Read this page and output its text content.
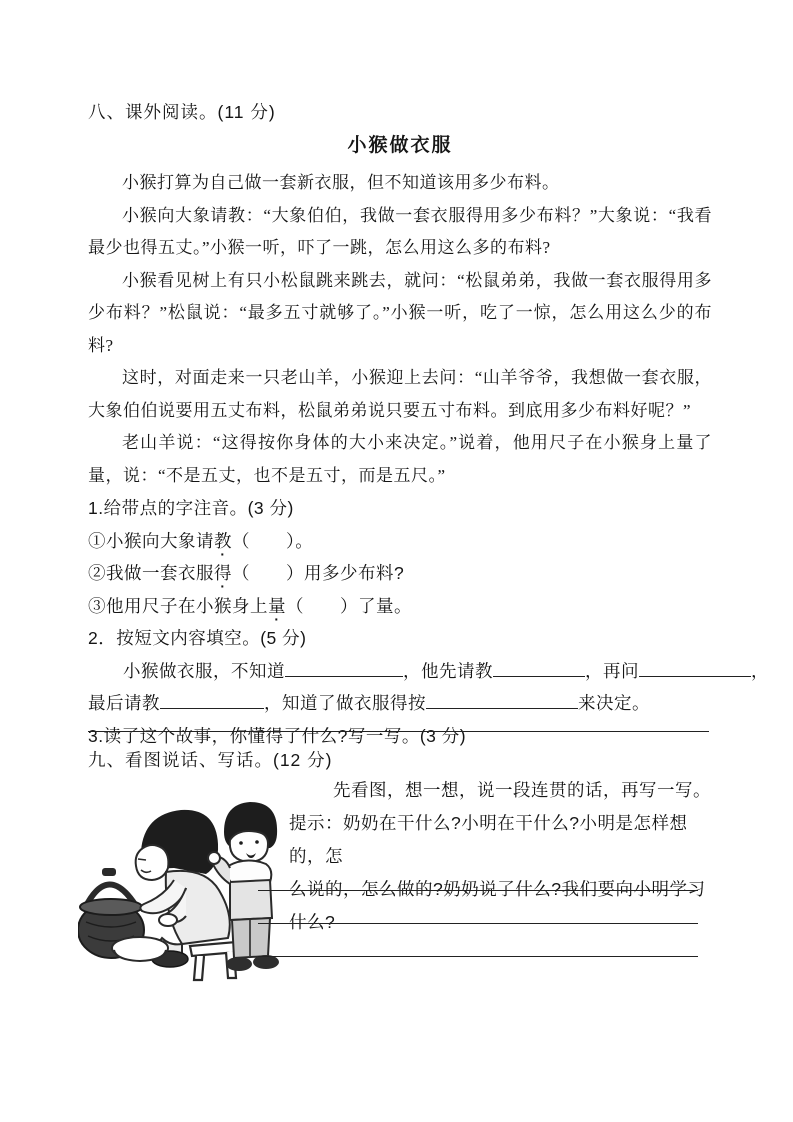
八、课外阅读。(11 分)
小猴做衣服

小猴打算为自己做一套新衣服，但不知道该用多少布料。

小猴向大象请教：“大象伯伯，我做一套衣服得用多少布料？”大象说：“我看最少也得五丈。”小猴一听，吓了一跳，怎么用这么多的布料?

小猴看见树上有只小松鼠跳来跳去，就问：“松鼠弟弟，我做一套衣服得用多少布料？”松鼠说：“最多五寸就够了。”小猴一听，吃了一惊，怎么用这么少的布料?

这时，对面走来一只老山羊，小猴迎上去问：“山羊爷爷，我想做一套衣服，大象伯伯说要用五丈布料，松鼠弟弟说只要五寸布料。到底用多少布料好呢？”

老山羊说：“这得按你身体的大小来决定。”说着，他用尺子在小猴身上量了量，说：“不是五丈，也不是五寸，而是五尺。”

1.给带点的字注音。(3 分)
①小猴向大象请教（　　）。
②我做一套衣服得（　　）用多少布料?
③他用尺子在小猴身上量（　　）了量。
2．按短文内容填空。(5 分)
小猴做衣服，不知道	，他先请教	，再问	，
最后请教	，知道了做衣服得按	来决定。
3.读了这个故事，你懂得了什么?写一写。(3 分)
九、看图说话、写话。(12 分)
先看图，想一想，说一段连贯的话，再写一写。
提示：奶奶在干什么?小明在干什么?小明是怎样想的，怎
么说的，怎么做的?奶奶说了什么?我们要向小明学习什么?
